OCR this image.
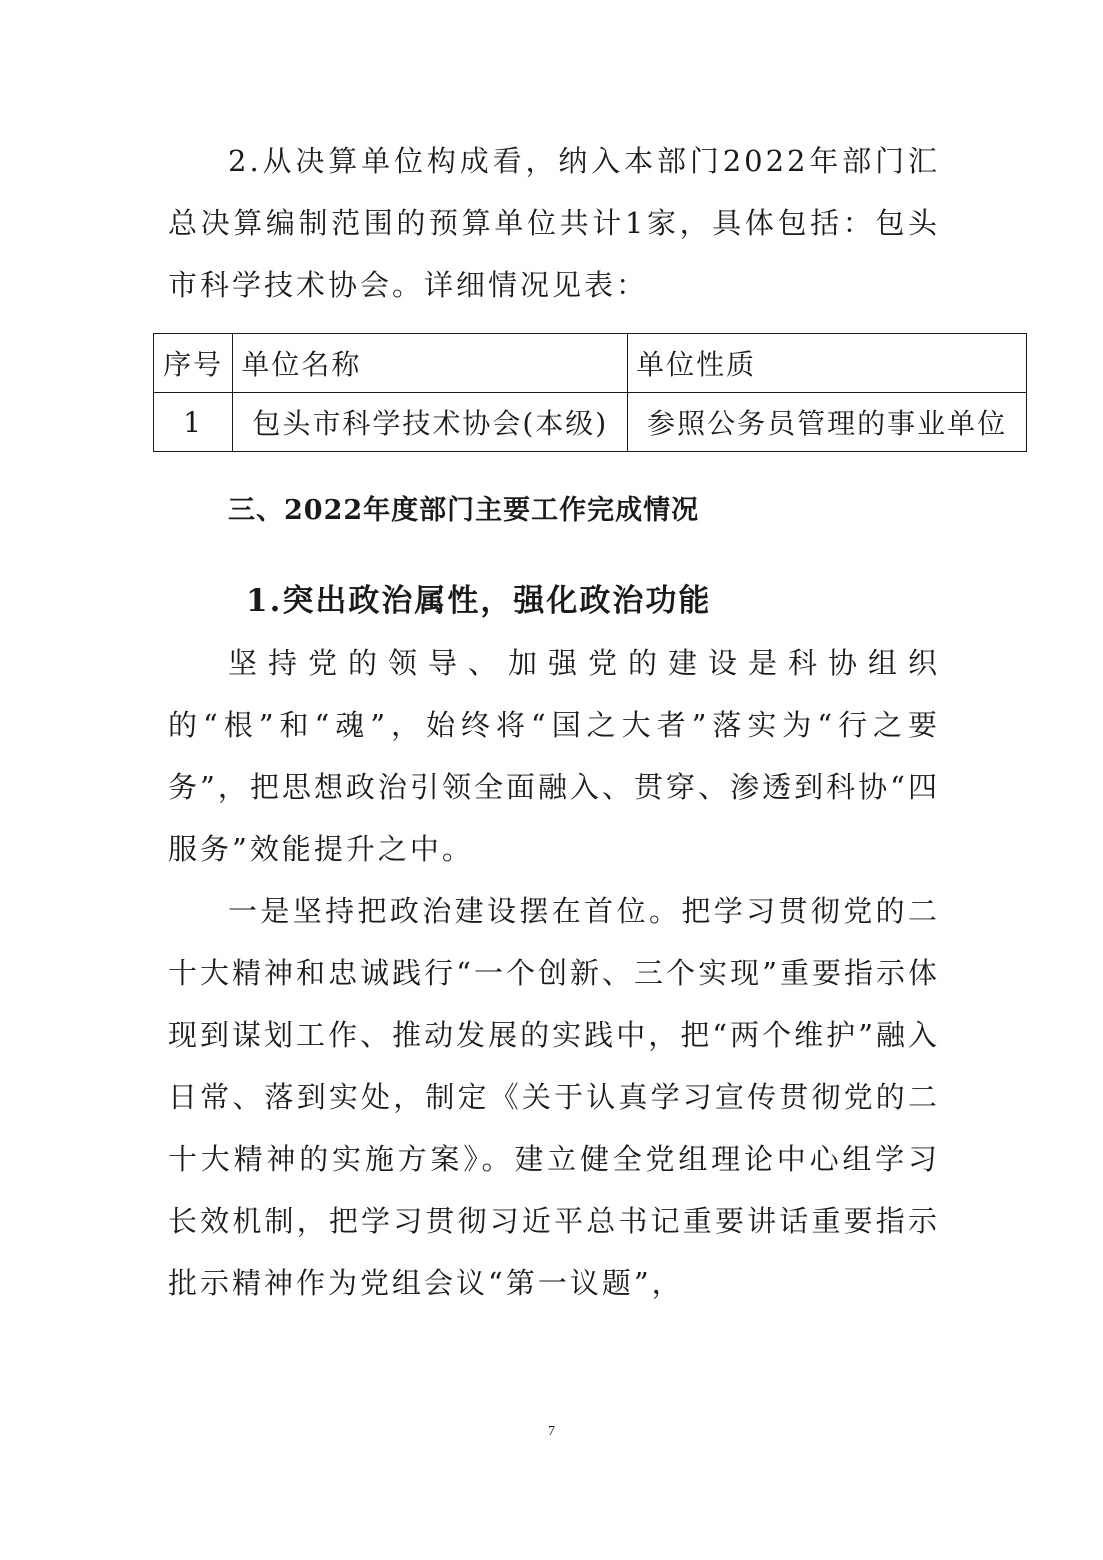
2.从决算单位构成看，纳入本部门2022年部门汇总决算编制范围的预算单位共计1家，具体包括：包头市科学技术协会。详细情况见表：

序号	单位名称	单位性质
1	包头市科学技术协会(本级)	参照公务员管理的事业单位
三、2022年度部门主要工作完成情况
1.突出政治属性，强化政治功能

坚持党的领导、加强党的建设是科协组织的“根”和“魂”，始终将“国之大者”落实为“行之要务”，把思想政治引领全面融入、贯穿、渗透到科协“四服务”效能提升之中。

一是坚持把政治建设摆在首位。把学习贯彻党的二十大精神和忠诚践行“一个创新、三个实现”重要指示体现到谋划工作、推动发展的实践中，把“两个维护”融入日常、落到实处，制定《关于认真学习宣传贯彻党的二十大精神的实施方案》。建立健全党组理论中心组学习长效机制，把学习贯彻习近平总书记重要讲话重要指示批示精神作为党组会议“第一议题”，

7
